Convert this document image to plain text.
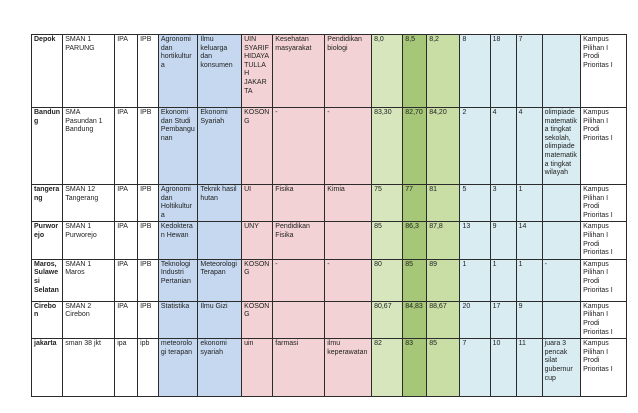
Depok	SMAN 1 PARUNG	IPA	IPB	Agronomi dan hortikultura	Ilmu keluarga dan konsumen	UIN SYARIF HIDAYATULLAH JAKARTA	Kesehatan masyarakat	Pendidikan biologi	8,0	8,5	8,2	8	18	7		Kampus Pilihan I Prodi Prioritas I
Bandung	SMA Pasundan 1 Bandung	IPA	IPB	Ekonomi dan Studi Pembangunan	Ekonomi Syariah	KOSONG	-	-	83,30	82,70	84,20	2	4	4	olimpiade matematika tingkat sekolah, olimpiade matematika tingkat wilayah	Kampus Pilihan I Prodi Prioritas I
tangerang	SMAN 12 Tangerang	IPA	IPB	Agronomi dan Holtikultura	Teknik hasil hutan	UI	Fisika	Kimia	75	77	81	5	3	1		Kampus Pilihan I Prodi Prioritas I
Purworejo	SMAN 1 Purworejo	IPA	IPB	Kedokteran Hewan		UNY	Pendidikan Fisika		85	86,3	87,8	13	9	14		Kampus Pilihan I Prodi Prioritas I
Maros, Sulawesi Selatan	SMAN 1 Maros	IPA	IPB	Teknologi Industri Pertanian	Meteorologi Terapan	KOSONG	-	-	80	85	89	1	1	1	-	Kampus Pilihan I Prodi Prioritas I
Cirebon	SMAN 2 Cirebon	IPA	IPB	Statistika	Ilmu Gizi	KOSONG			80,67	84,83	88,67	20	17	9		Kampus Pilihan I Prodi Prioritas I
jakarta	sman 38 jkt	ipa	ipb	meteorologi terapan	ekonomi syariah	uin	farmasi	ilmu keperawatan	82	83	85	7	10	11	juara 3 pencak silat gubernur cup	Kampus Pilihan I Prodi Prioritas I
